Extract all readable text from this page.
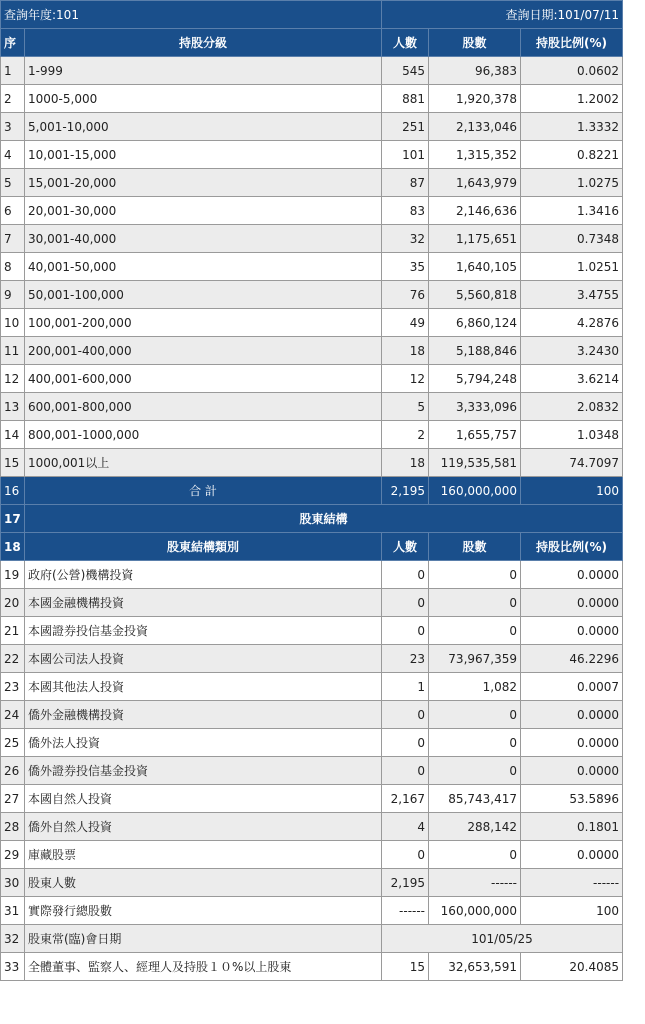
查詢年度:101		查詢日期:101/07/11		
序	持股分級	人數	股數	持股比例(%)
1	1-999	545	96,383	0.0602
2	1000-5,000	881	1,920,378	1.2002
3	5,001-10,000	251	2,133,046	1.3332
4	10,001-15,000	101	1,315,352	0.8221
5	15,001-20,000	87	1,643,979	1.0275
6	20,001-30,000	83	2,146,636	1.3416
7	30,001-40,000	32	1,175,651	0.7348
8	40,001-50,000	35	1,640,105	1.0251
9	50,001-100,000	76	5,560,818	3.4755
10	100,001-200,000	49	6,860,124	4.2876
11	200,001-400,000	18	5,188,846	3.2430
12	400,001-600,000	12	5,794,248	3.6214
13	600,001-800,000	5	3,333,096	2.0832
14	800,001-1000,000	2	1,655,757	1.0348
15	1000,001以上	18	119,535,581	74.7097
16	合 計	2,195	160,000,000	100
17	股東結構			
18	股東結構類別	人數	股數	持股比例(%)
19	政府(公營)機構投資	0	0	0.0000
20	本國金融機構投資	0	0	0.0000
21	本國證券投信基金投資	0	0	0.0000
22	本國公司法人投資	23	73,967,359	46.2296
23	本國其他法人投資	1	1,082	0.0007
24	僑外金融機構投資	0	0	0.0000
25	僑外法人投資	0	0	0.0000
26	僑外證券投信基金投資	0	0	0.0000
27	本國自然人投資	2,167	85,743,417	53.5896
28	僑外自然人投資	4	288,142	0.1801
29	庫藏股票	0	0	0.0000
30	股東人數	2,195	------	------
31	實際發行總股數	------	160,000,000	100
32	股東常(臨)會日期	101/05/25		
33	全體董事、監察人、經理人及持股１０%以上股東	15	32,653,591	20.4085
